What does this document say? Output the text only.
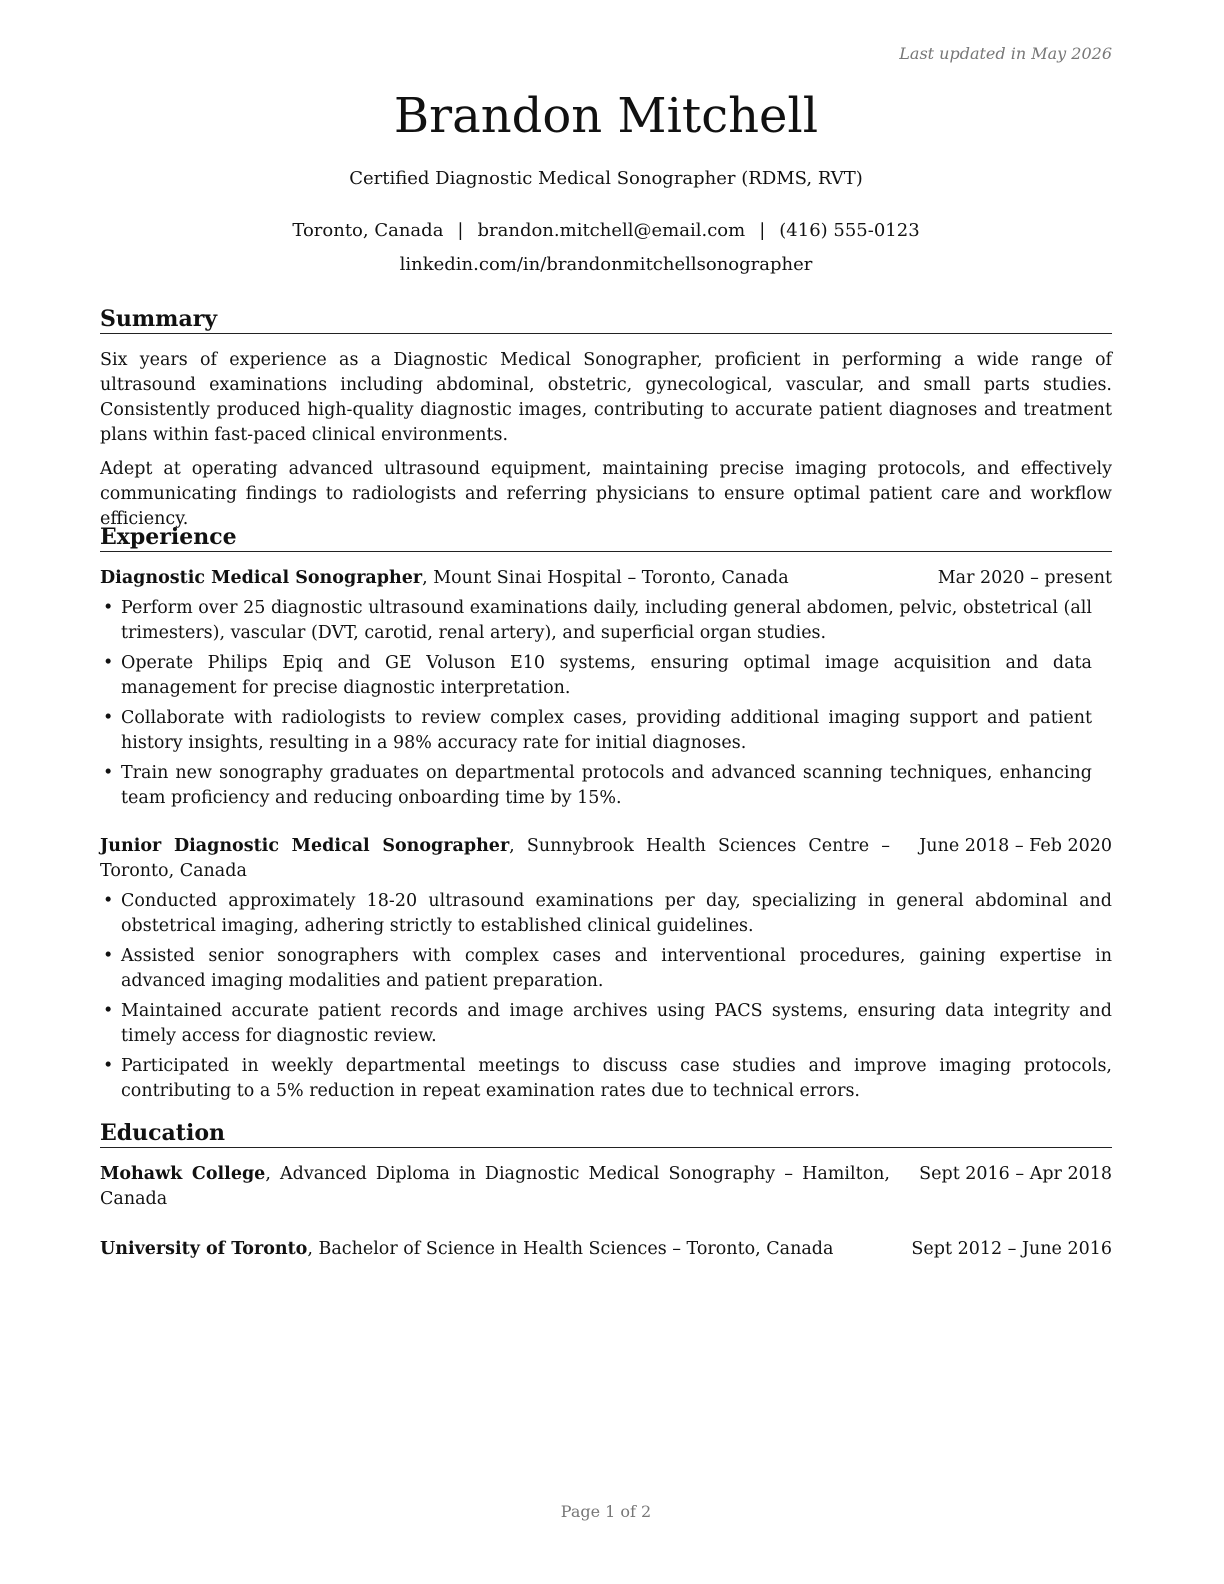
Last updated in May 2026
Brandon Mitchell
Certified Diagnostic Medical Sonographer (RDMS, RVT)
Toronto, Canada | brandon.mitchell@email.com | (416) 555-0123
linkedin.com/in/brandonmitchellsonographer
Summary

Six years of experience as a Diagnostic Medical Sonographer, proficient in performing a wide range of ultrasound examinations including abdominal, obstetric, gynecological, vascular, and small parts studies. Consistently produced high-quality diagnostic images, contributing to accurate patient diagnoses and treatment plans within fast-paced clinical environments.

Adept at operating advanced ultrasound equipment, maintaining precise imaging protocols, and effectively communicating findings to radiologists and referring physicians to ensure optimal patient care and workflow efficiency.

Experience
Diagnostic Medical Sonographer, Mount Sinai Hospital – Toronto, Canada	Mar 2020 – present
• Perform over 25 diagnostic ultrasound examinations daily, including general abdomen, pelvic, obstetrical (all trimesters), vascular (DVT, carotid, renal artery), and superficial organ studies.
• Operate Philips Epiq and GE Voluson E10 systems, ensuring optimal image acquisition and data management for precise diagnostic interpretation.
• Collaborate with radiologists to review complex cases, providing additional imaging support and patient history insights, resulting in a 98% accuracy rate for initial diagnoses.
• Train new sonography graduates on departmental protocols and advanced scanning techniques, enhancing team proficiency and reducing onboarding time by 15%.
Junior Diagnostic Medical Sonographer, Sunnybrook Health Sciences Centre – Toronto, Canada
June 2018 – Feb 2020
• Conducted approximately 18-20 ultrasound examinations per day, specializing in general abdominal and obstetrical imaging, adhering strictly to established clinical guidelines.
• Assisted senior sonographers with complex cases and interventional procedures, gaining expertise in advanced imaging modalities and patient preparation.
• Maintained accurate patient records and image archives using PACS systems, ensuring data integrity and timely access for diagnostic review.
• Participated in weekly departmental meetings to discuss case studies and improve imaging protocols, contributing to a 5% reduction in repeat examination rates due to technical errors.
Education
Mohawk College, Advanced Diploma in Diagnostic Medical Sonography – Hamilton, Canada
Sept 2016 – Apr 2018
University of Toronto, Bachelor of Science in Health Sciences – Toronto, Canada	Sept 2012 – June 2016
Page 1 of 2
